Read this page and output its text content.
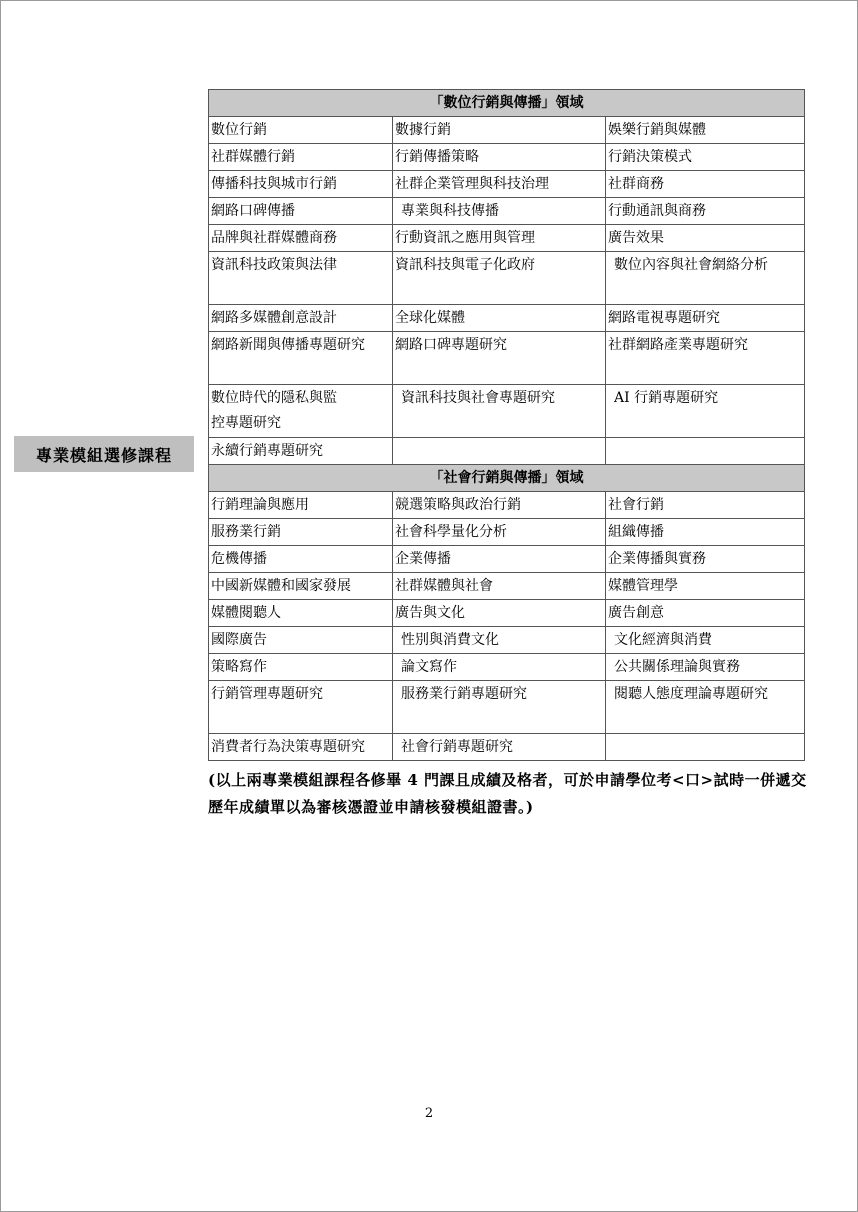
專業模組選修課程
「數位行銷與傳播」領域		
數位行銷	數據行銷	娛樂行銷與媒體
社群媒體行銷	行銷傳播策略	行銷決策模式
傳播科技與城市行銷	社群企業管理與科技治理	社群商務
網路口碑傳播	專業與科技傳播	行動通訊與商務
品牌與社群媒體商務	行動資訊之應用與管理	廣告效果
資訊科技政策與法律	資訊科技與電子化政府	數位內容與社會網絡分析
網路多媒體創意設計	全球化媒體	網路電視專題研究
網路新聞與傳播專題研究	網路口碑專題研究	社群網路產業專題研究
數位時代的隱私與監控專題研究	資訊科技與社會專題研究	AI 行銷專題研究
永續行銷專題研究		
「社會行銷與傳播」領域		
行銷理論與應用	競選策略與政治行銷	社會行銷
服務業行銷	社會科學量化分析	組織傳播
危機傳播	企業傳播	企業傳播與實務
中國新媒體和國家發展	社群媒體與社會	媒體管理學
媒體閱聽人	廣告與文化	廣告創意
國際廣告	性別與消費文化	文化經濟與消費
策略寫作	論文寫作	公共關係理論與實務
行銷管理專題研究	服務業行銷專題研究	閱聽人態度理論專題研究
消費者行為決策專題研究	社會行銷專題研究	
(以上兩專業模組課程各修畢 4 門課且成績及格者，可於申請學位考<口>試時一併遞交歷年成績單以為審核憑證並申請核發模組證書。)
2
